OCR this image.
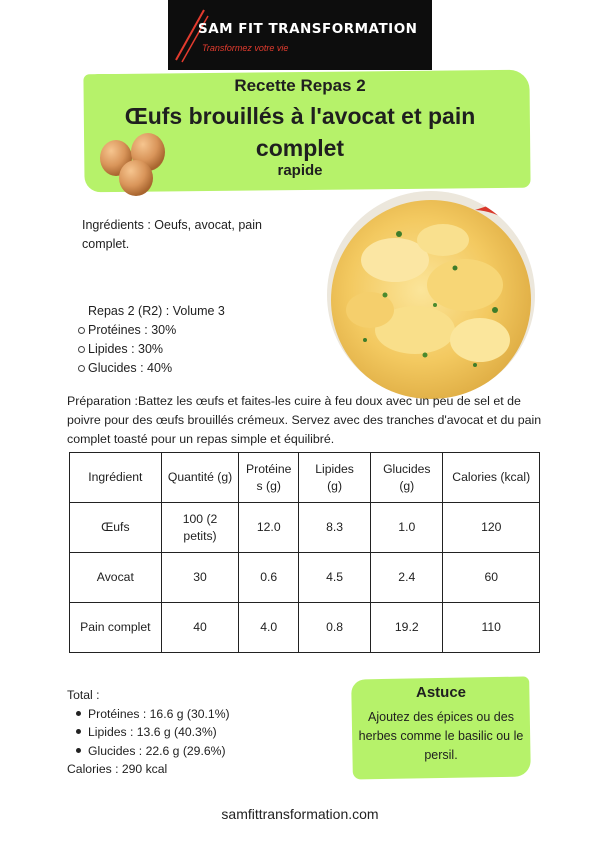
SAM FIT TRANSFORMATION
Transformez votre vie
Recette Repas 2
Œufs brouillés à l'avocat et pain complet
rapide
Ingrédients : Oeufs, avocat, pain complet.
Repas 2 (R2) : Volume 3
Protéines : 30%
Lipides : 30%
Glucides : 40%
Préparation :Battez les œufs et faites-les cuire à feu doux avec un peu de sel et de poivre pour des œufs brouillés crémeux. Servez avec des tranches d'avocat et du pain complet toasté pour un repas simple et équilibré.
Ingrédient	Quantité (g)	Protéines (g)	Lipides (g)	Glucides (g)	Calories (kcal)
Œufs	100 (2 petits)	12.0	8.3	1.0	120
Avocat	30	0.6	4.5	2.4	60
Pain complet	40	4.0	0.8	19.2	110
Total :
Protéines : 16.6 g (30.1%)
Lipides : 13.6 g (40.3%)
Glucides : 22.6 g (29.6%)
Calories : 290 kcal
Astuce
Ajoutez des épices ou des herbes comme le basilic ou le persil.
samfittransformation.com
